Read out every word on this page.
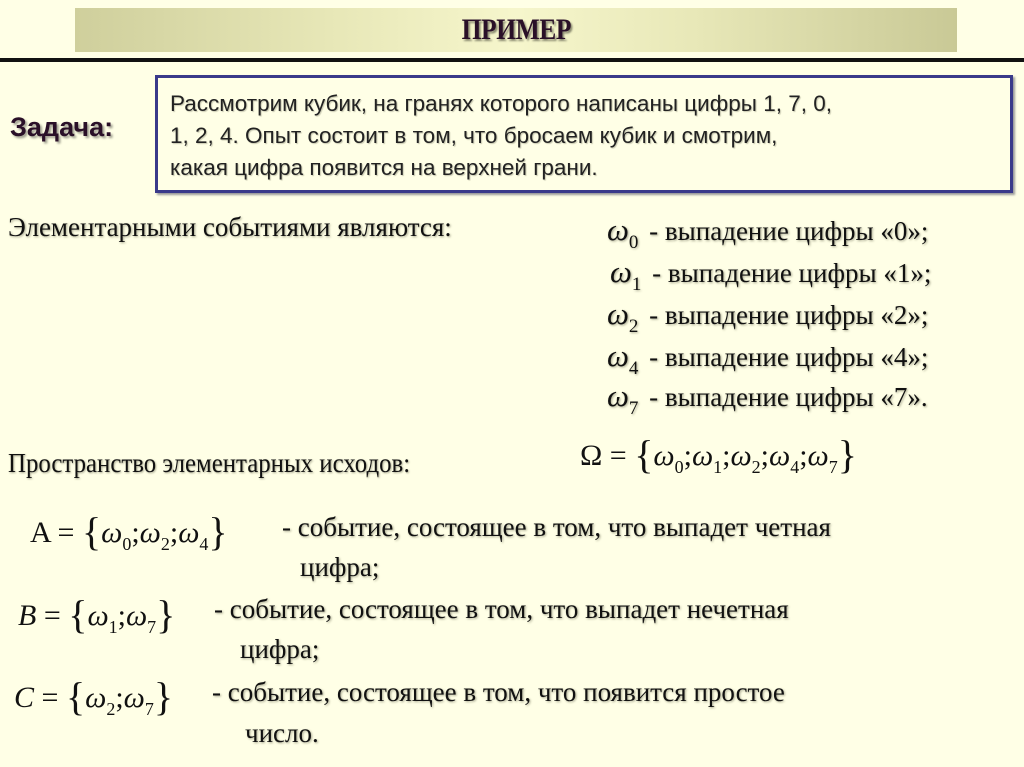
ПРИМЕР
Задача:
Рассмотрим кубик, на гранях которого написаны цифры 1, 7, 0,
1, 2, 4. Опыт состоит в том, что бросаем кубик и смотрим,
какая цифра появится на верхней грани.
Элементарными событиями являются:	$\omega_0$ - выпадение цифры «0»;
$\omega_1$ - выпадение цифры «1»;
$\omega_2$ - выпадение цифры «2»;
$\omega_4$ - выпадение цифры «4»;
$\omega_7$ - выпадение цифры «7».
Пространство элементарных исходов:	$\Omega = \{\omega_0;\omega_1;\omega_2;\omega_4;\omega_7\}$
$A = \{\omega_0;\omega_2;\omega_4\}$ - событие, состоящее в том, что выпадет четная
цифра;
$B = \{\omega_1;\omega_7\}$ - событие, состоящее в том, что выпадет нечетная
цифра;
$C = \{\omega_2;\omega_7\}$ - событие, состоящее в том, что появится простое
число.
